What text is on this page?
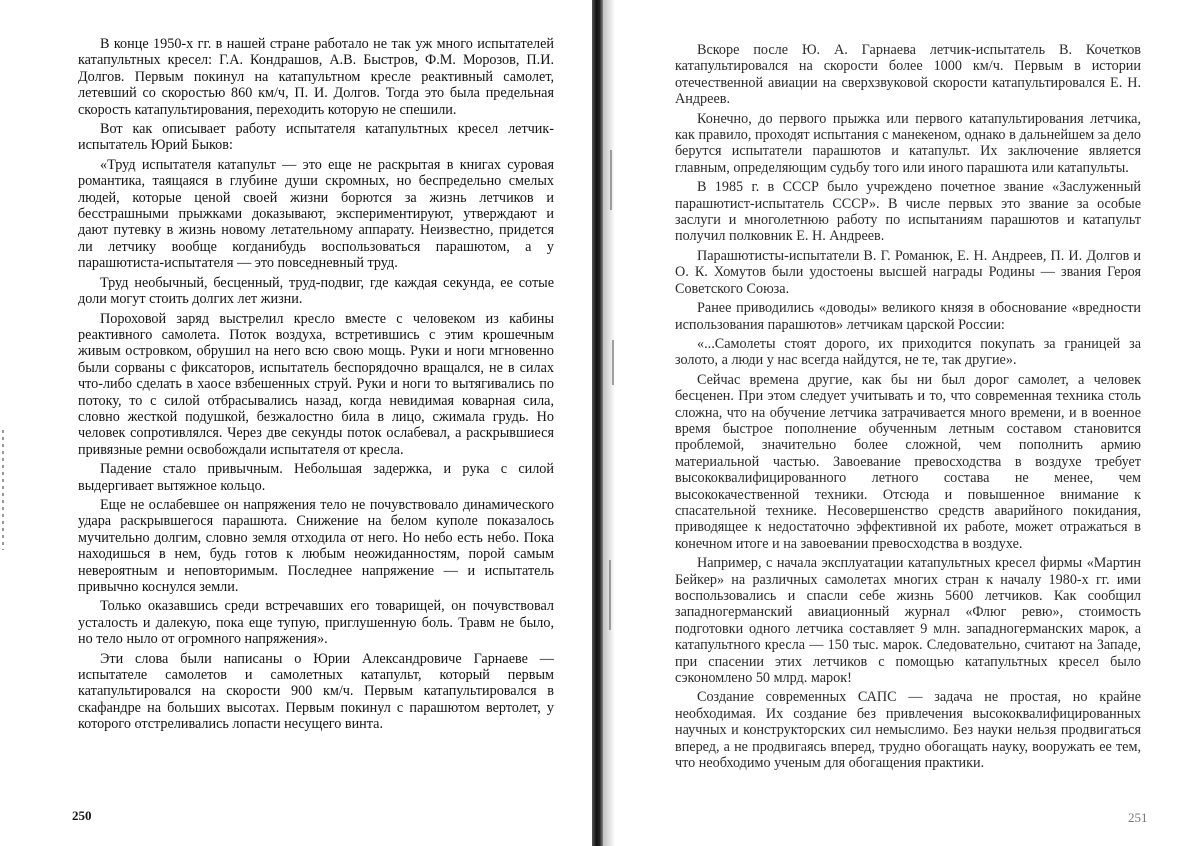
В конце 1950-х гг. в нашей стране работало не так уж много испытателей катапультных кресел: Г.А. Кондрашов, А.В. Быстров, Ф.М. Морозов, П.И. Долгов. Первым покинул на катапультном кресле реактивный самолет, летевший со скоростью 860 км/ч, П. И. Долгов. Тогда это была предельная скорость катапультирования, переходить которую не спешили.

Вот как описывает работу испытателя катапультных кресел летчик-испытатель Юрий Быков:

«Труд испытателя катапульт — это еще не раскрытая в книгах суровая романтика, таящаяся в глубине души скромных, но беспредельно смелых людей, которые ценой своей жизни борются за жизнь летчиков и бесстрашными прыжками доказывают, экспериментируют, утверждают и дают путевку в жизнь новому летательному аппарату. Неизвестно, придется ли летчику вообще когданибудь воспользоваться парашютом, а у парашютиста-испытателя — это повседневный труд.

Труд необычный, бесценный, труд-подвиг, где каждая секунда, ее сотые доли могут стоить долгих лет жизни.

Пороховой заряд выстрелил кресло вместе с человеком из кабины реактивного самолета. Поток воздуха, встретившись с этим крошечным живым островком, обрушил на него всю свою мощь. Руки и ноги мгновенно были сорваны с фиксаторов, испытатель беспорядочно вращался, не в силах что-либо сделать в хаосе взбешенных струй. Руки и ноги то вытягивались по потоку, то с силой отбрасывались назад, когда невидимая коварная сила, словно жесткой подушкой, безжалостно била в лицо, сжимала грудь. Но человек сопротивлялся. Через две секунды поток ослабевал, а раскрывшиеся привязные ремни освобождали испытателя от кресла.

Падение стало привычным. Небольшая задержка, и рука с силой выдергивает вытяжное кольцо.

Еще не ослабевшее он напряжения тело не почувствовало динамического удара раскрывшегося парашюта. Снижение на белом куполе показалось мучительно долгим, словно земля отходила от него. Но небо есть небо. Пока находишься в нем, будь готов к любым неожиданностям, порой самым невероятным и неповторимым. Последнее напряжение — и испытатель привычно коснулся земли.

Только оказавшись среди встречавших его товарищей, он почувствовал усталость и далекую, пока еще тупую, приглушенную боль. Травм не было, но тело ныло от огромного напряжения».

Эти слова были написаны о Юрии Александровиче Гарнаеве — испытателе самолетов и самолетных катапульт, который первым катапультировался на скорости 900 км/ч. Первым катапультировался в скафандре на больших высотах. Первым покинул с парашютом вертолет, у которого отстреливались лопасти несущего винта.

250

Вскоре после Ю. А. Гарнаева летчик-испытатель В. Кочетков катапультировался на скорости более 1000 км/ч. Первым в истории отечественной авиации на сверхзвуковой скорости катапультировался Е. Н. Андреев.

Конечно, до первого прыжка или первого катапультирования летчика, как правило, проходят испытания с манекеном, однако в дальнейшем за дело берутся испытатели парашютов и катапульт. Их заключение является главным, определяющим судьбу того или иного парашюта или катапульты.

В 1985 г. в СССР было учреждено почетное звание «Заслуженный парашютист-испытатель СССР». В числе первых это звание за особые заслуги и многолетнюю работу по испытаниям парашютов и катапульт получил полковник Е. Н. Андреев.

Парашютисты-испытатели В. Г. Романюк, Е. Н. Андреев, П. И. Долгов и О. К. Хомутов были удостоены высшей награды Родины — звания Героя Советского Союза.

Ранее приводились «доводы» великого князя в обоснование «вредности использования парашютов» летчикам царской России:

«...Самолеты стоят дорого, их приходится покупать за границей за золото, а люди у нас всегда найдутся, не те, так другие».

Сейчас времена другие, как бы ни был дорог самолет, а человек бесценен. При этом следует учитывать и то, что современная техника столь сложна, что на обучение летчика затрачивается много времени, и в военное время быстрое пополнение обученным летным составом становится проблемой, значительно более сложной, чем пополнить армию материальной частью. Завоевание превосходства в воздухе требует высококвалифицированного летного состава не менее, чем высококачественной техники. Отсюда и повышенное внимание к спасательной технике. Несовершенство средств аварийного покидания, приводящее к недостаточно эффективной их работе, может отражаться в конечном итоге и на завоевании превосходства в воздухе.

Например, с начала эксплуатации катапультных кресел фирмы «Мартин Бейкер» на различных самолетах многих стран к началу 1980-х гг. ими воспользовались и спасли себе жизнь 5600 летчиков. Как сообщил западногерманский авиационный журнал «Флюг ревю», стоимость подготовки одного летчика составляет 9 млн. западногерманских марок, а катапультного кресла — 150 тыс. марок. Следовательно, считают на Западе, при спасении этих летчиков с помощью катапультных кресел было сэкономлено 50 млрд. марок!

Создание современных САПС — задача не простая, но крайне необходимая. Их создание без привлечения высококвалифицированных научных и конструкторских сил немыслимо. Без науки нельзя продвигаться вперед, а не продвигаясь вперед, трудно обогащать науку, вооружать ее тем, что необходимо ученым для обогащения практики.

251
